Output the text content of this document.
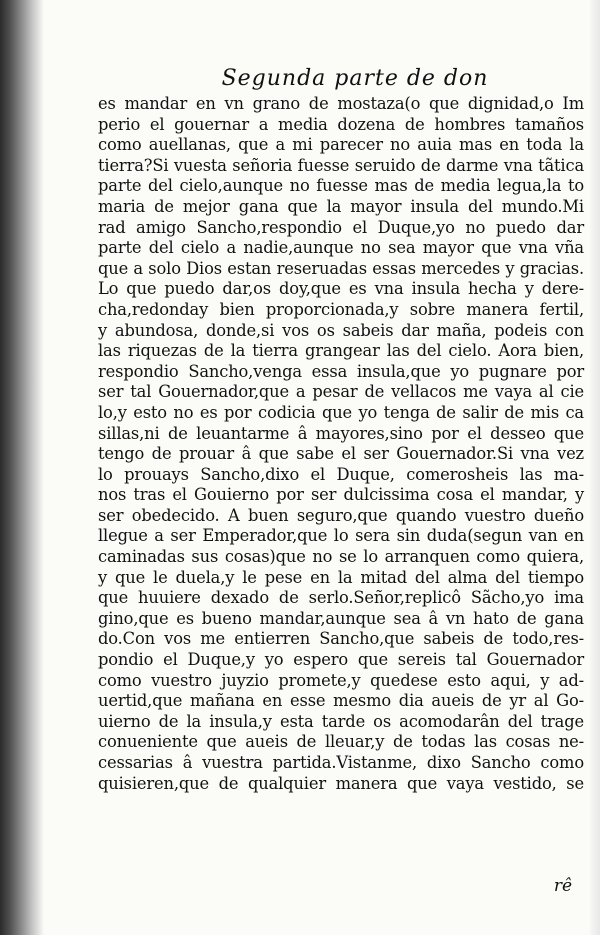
Segunda parte de don
es mandar en vn grano de mostaza(o que dignidad,o Im
perio el gouernar a media dozena de hombres tamaños
como auellanas, que a mi parecer no auia mas en toda la
tierra?Si vuesta señoria fuesse seruido de darme vna tãtica
parte del cielo,aunque no fuesse mas de media legua,la to
maria de mejor gana que la mayor insula del mundo.Mi
rad amigo Sancho,respondio el Duque,yo no puedo dar
parte del cielo a nadie,aunque no sea mayor que vna vña
que a solo Dios estan reseruadas essas mercedes y gracias.
Lo que puedo dar,os doy,que es vna insula hecha y dere-
cha,redonday bien proporcionada,y sobre manera fertil,
y abundosa, donde,si vos os sabeis dar maña, podeis con
las riquezas de la tierra grangear las del cielo. Aora bien,
respondio Sancho,venga essa insula,que yo pugnare por
ser tal Gouernador,que a pesar de vellacos me vaya al cie
lo,y esto no es por codicia que yo tenga de salir de mis ca
sillas,ni de leuantarme â mayores,sino por el desseo que
tengo de prouar â que sabe el ser Gouernador.Si vna vez
lo prouays Sancho,dixo el Duque, comerosheis las ma-
nos tras el Gouierno por ser dulcissima cosa el mandar, y
ser obedecido. A buen seguro,que quando vuestro dueño
llegue a ser Emperador,que lo sera sin duda(segun van en
caminadas sus cosas)que no se lo arranquen como quiera,
y que le duela,y le pese en la mitad del alma del tiempo
que huuiere dexado de serlo.Señor,replicô Sãcho,yo ima
gino,que es bueno mandar,aunque sea â vn hato de gana
do.Con vos me entierren Sancho,que sabeis de todo,res-
pondio el Duque,y yo espero que sereis tal Gouernador
como vuestro juyzio promete,y quedese esto aqui, y ad-
uertid,que mañana en esse mesmo dia aueis de yr al Go-
uierno de la insula,y esta tarde os acomodarân del trage
conueniente que aueis de lleuar,y de todas las cosas ne-
cessarias â vuestra partida.Vistanme, dixo Sancho como
quisieren,que de qualquier manera que vaya vestido, se
rê
